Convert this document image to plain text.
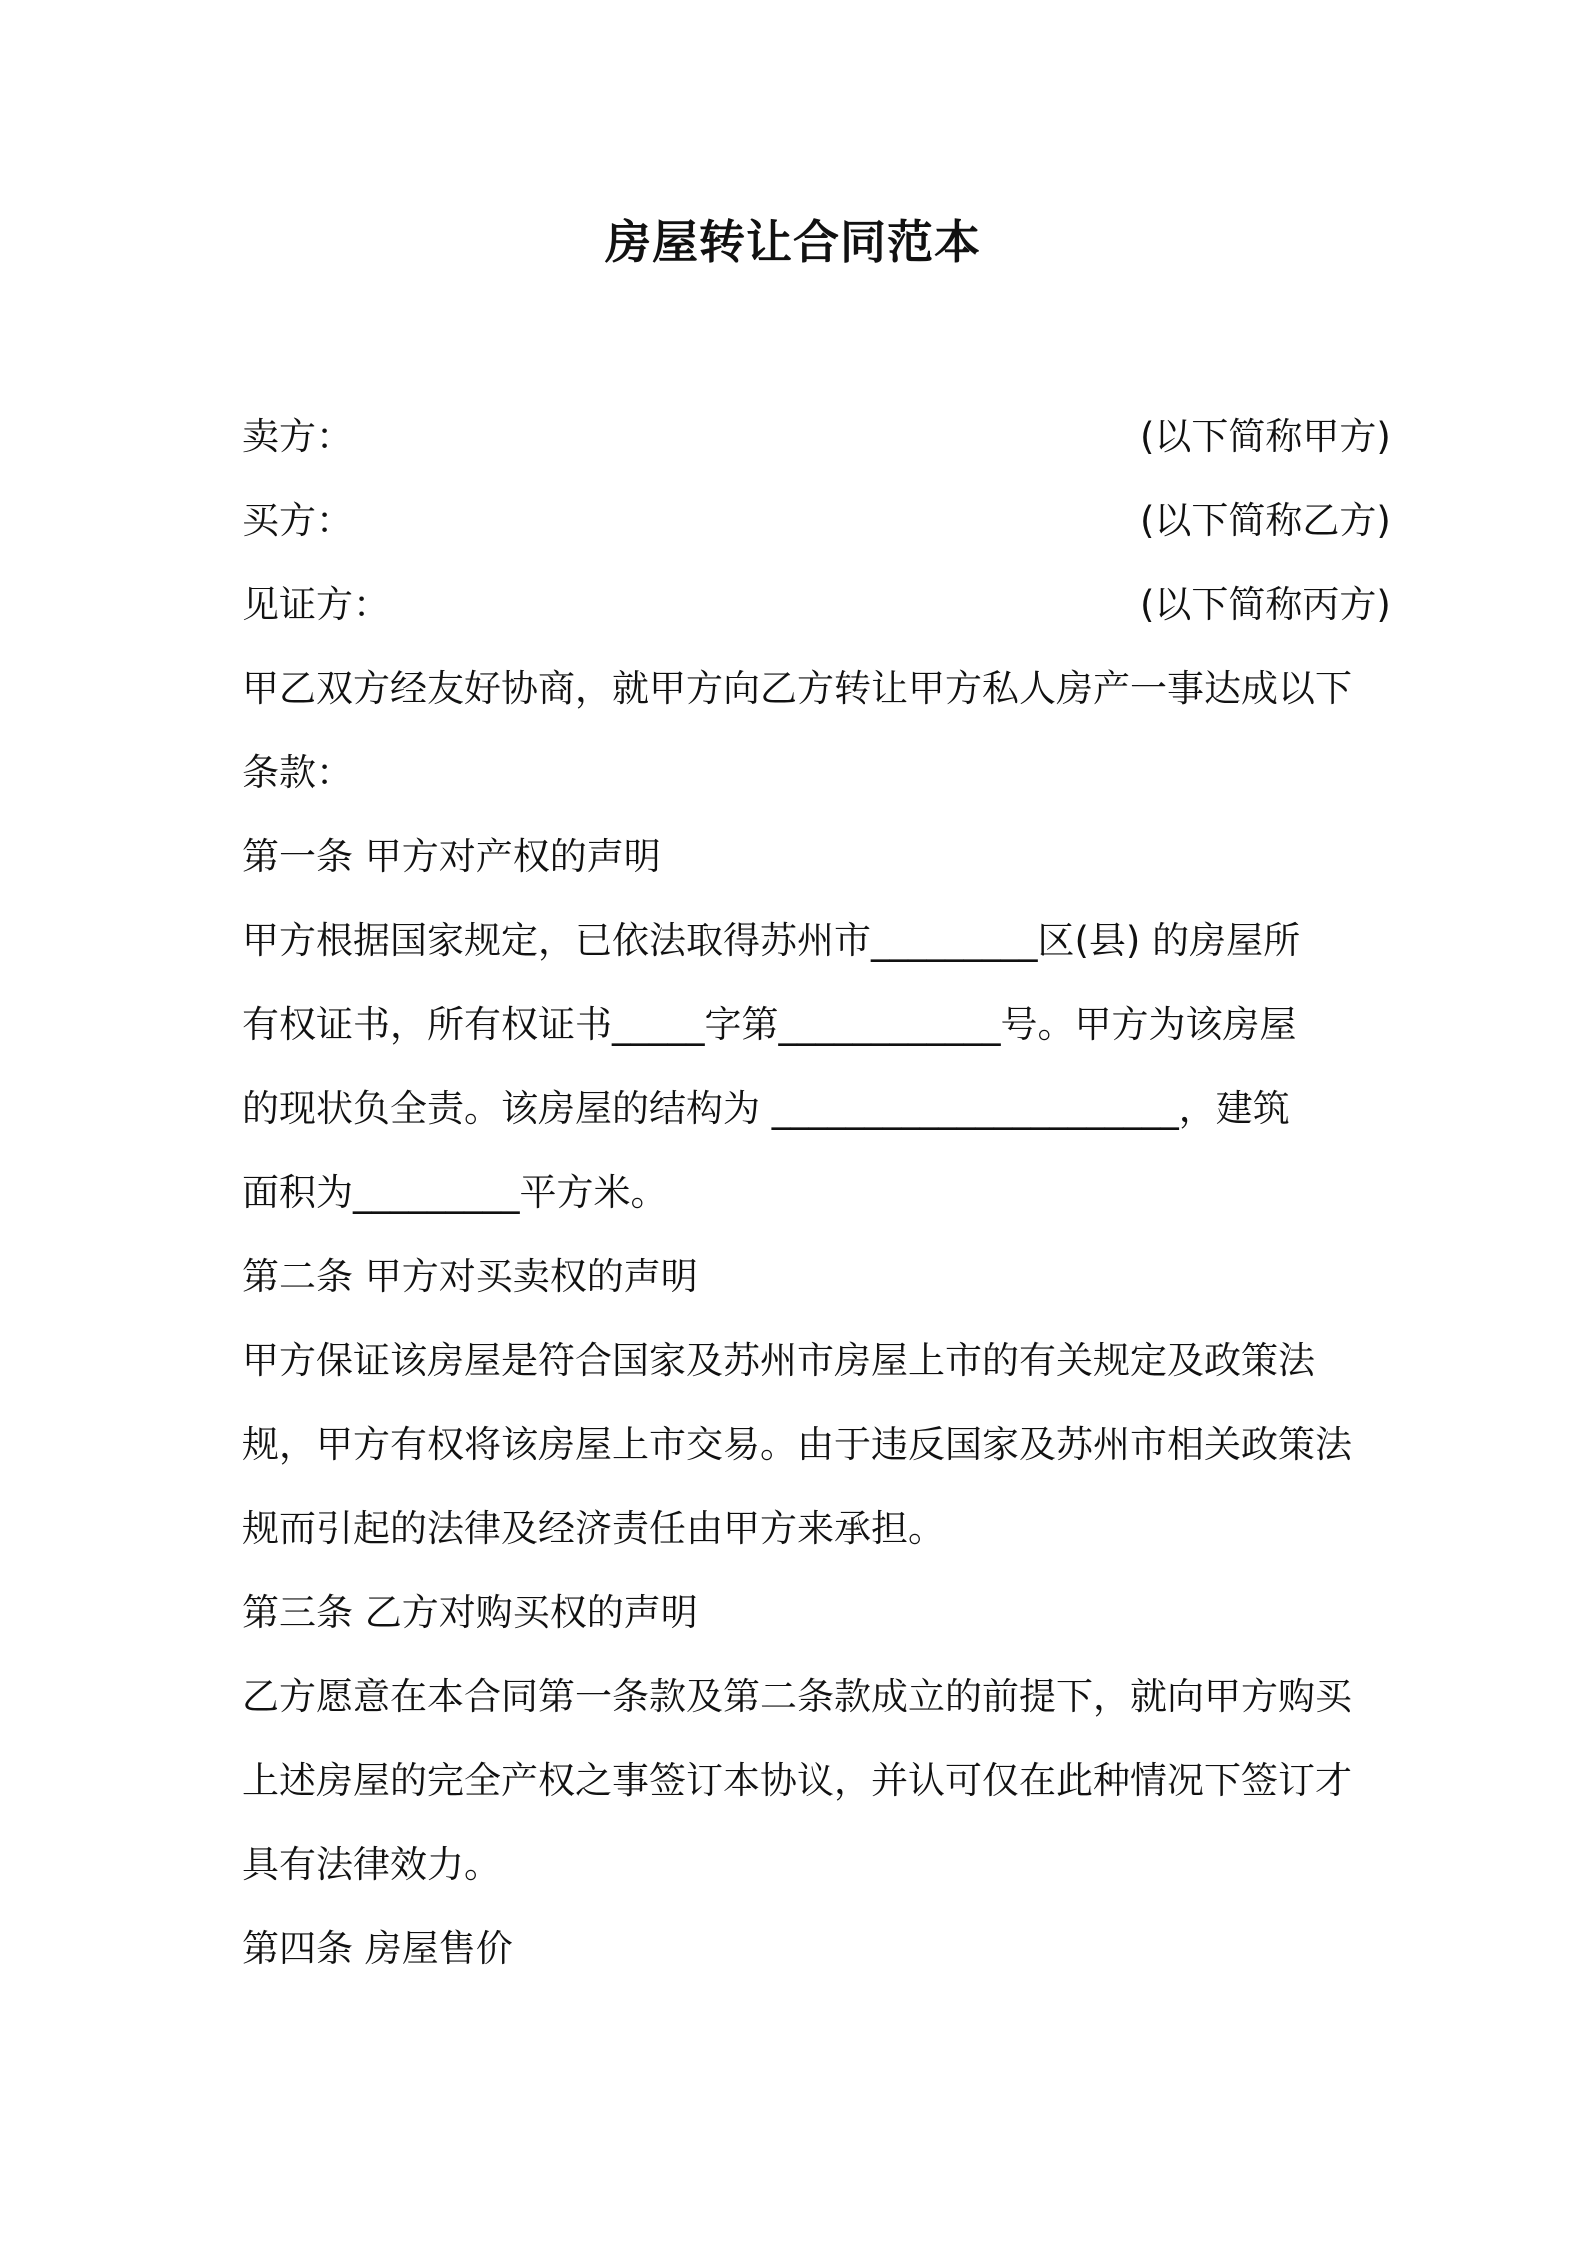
房屋转让合同范本
卖方：	(以下简称甲方)
买方：	(以下简称乙方)
见证方：	(以下简称丙方)
甲乙双方经友好协商，就甲方向乙方转让甲方私人房产一事达成以下
条款：
第一条 甲方对产权的声明
甲方根据国家规定，已依法取得苏州市_________区(县) 的房屋所
有权证书，所有权证书_____字第____________号。甲方为该房屋
的现状负全责。该房屋的结构为 ______________________，建筑
面积为_________平方米。
第二条 甲方对买卖权的声明
甲方保证该房屋是符合国家及苏州市房屋上市的有关规定及政策法
规，甲方有权将该房屋上市交易。由于违反国家及苏州市相关政策法
规而引起的法律及经济责任由甲方来承担。
第三条 乙方对购买权的声明
乙方愿意在本合同第一条款及第二条款成立的前提下，就向甲方购买
上述房屋的完全产权之事签订本协议，并认可仅在此种情况下签订才
具有法律效力。
第四条 房屋售价
